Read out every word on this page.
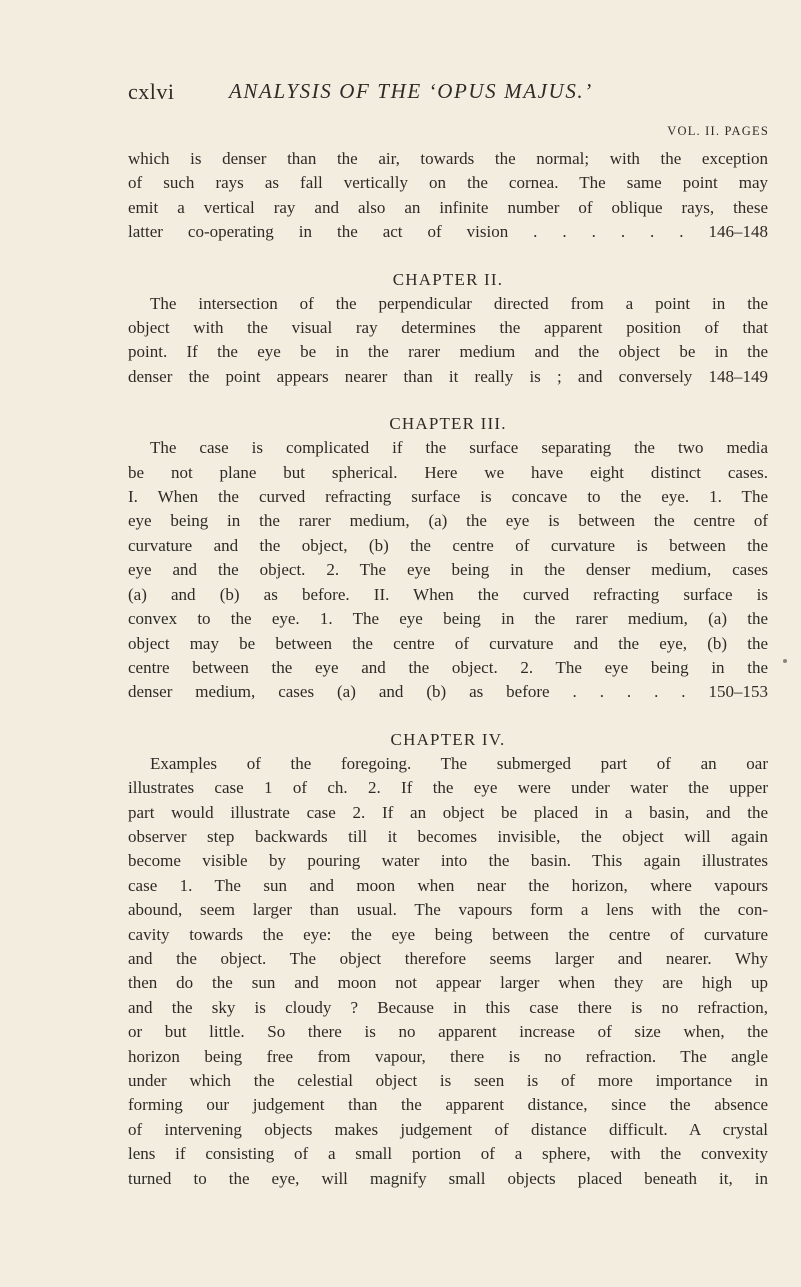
cxlvi	ANALYSIS OF THE ‘OPUS MAJUS.’
VOL. II. PAGES

which is denser than the air, towards the normal; with the exception

of such rays as fall vertically on the cornea. The same point may

emit a vertical ray and also an infinite number of oblique rays, these

latter co-operating in the act of vision . . . . . . 146–148

CHAPTER II.

The intersection of the perpendicular directed from a point in the

object with the visual ray determines the apparent position of that

point. If the eye be in the rarer medium and the object be in the

denser the point appears nearer than it really is ; and conversely 148–149

CHAPTER III.

The case is complicated if the surface separating the two media

be not plane but spherical. Here we have eight distinct cases.

I. When the curved refracting surface is concave to the eye. 1. The

eye being in the rarer medium, (a) the eye is between the centre of

curvature and the object, (b) the centre of curvature is between the

eye and the object. 2. The eye being in the denser medium, cases

(a) and (b) as before. II. When the curved refracting surface is

convex to the eye. 1. The eye being in the rarer medium, (a) the

object may be between the centre of curvature and the eye, (b) the

centre between the eye and the object. 2. The eye being in the

denser medium, cases (a) and (b) as before . . . . . 150–153

CHAPTER IV.

Examples of the foregoing. The submerged part of an oar

illustrates case 1 of ch. 2. If the eye were under water the upper

part would illustrate case 2. If an object be placed in a basin, and the

observer step backwards till it becomes invisible, the object will again

become visible by pouring water into the basin. This again illustrates

case 1. The sun and moon when near the horizon, where vapours

abound, seem larger than usual. The vapours form a lens with the con-

cavity towards the eye: the eye being between the centre of curvature

and the object. The object therefore seems larger and nearer. Why

then do the sun and moon not appear larger when they are high up

and the sky is cloudy ? Because in this case there is no refraction,

or but little. So there is no apparent increase of size when, the

horizon being free from vapour, there is no refraction. The angle

under which the celestial object is seen is of more importance in

forming our judgement than the apparent distance, since the absence

of intervening objects makes judgement of distance difficult. A crystal

lens if consisting of a small portion of a sphere, with the convexity

turned to the eye, will magnify small objects placed beneath it, in
